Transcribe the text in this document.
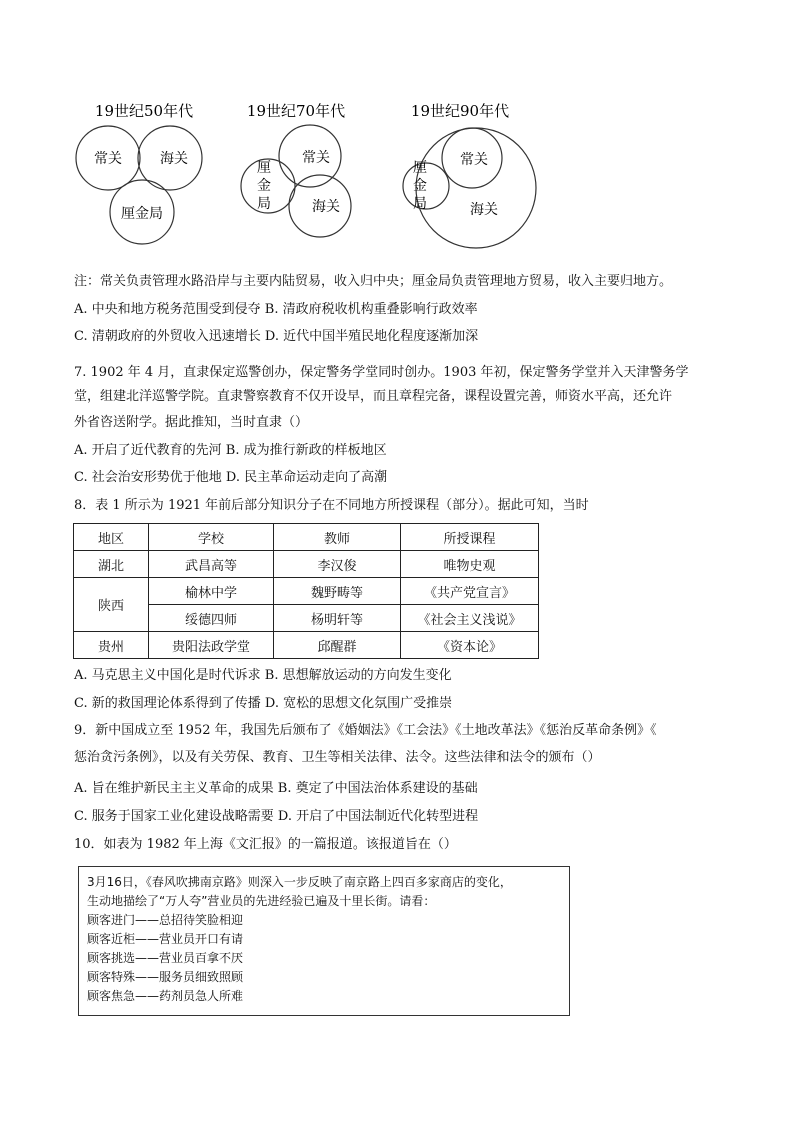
19世纪50年代
常关	海关
厘金局
19世纪70年代
常关
厘
金
局	海关
19世纪90年代
常关
厘
金
局	海关
注：常关负责管理水路沿岸与主要内陆贸易，收入归中央；厘金局负责管理地方贸易，收入主要归地方。
A. 中央和地方税务范围受到侵夺 B. 清政府税收机构重叠影响行政效率
C. 清朝政府的外贸收入迅速增长 D. 近代中国半殖民地化程度逐渐加深
7. 1902 年 4 月，直隶保定巡警创办，保定警务学堂同时创办。1903 年初，保定警务学堂并入天津警务学
堂，组建北洋巡警学院。直隶警察教育不仅开设早，而且章程完备，课程设置完善，师资水平高，还允许
外省咨送附学。据此推知，当时直隶（）
A. 开启了近代教育的先河 B. 成为推行新政的样板地区
C. 社会治安形势优于他地 D. 民主革命运动走向了高潮
8．表 1 所示为 1921 年前后部分知识分子在不同地方所授课程（部分）。据此可知，当时
地区	学校	教师	所授课程
湖北	武昌高等	李汉俊	唯物史观
陕西	榆林中学	魏野畴等	《共产党宣言》
	绥德四师	杨明轩等	《社会主义浅说》
贵州	贵阳法政学堂	邱醒群	《资本论》
A. 马克思主义中国化是时代诉求 B. 思想解放运动的方向发生变化
C. 新的救国理论体系得到了传播 D. 宽松的思想文化氛围广受推崇
9．新中国成立至 1952 年，我国先后颁布了《婚姻法》《工会法》《土地改革法》《惩治反革命条例》《
惩治贪污条例》，以及有关劳保、教育、卫生等相关法律、法令。这些法律和法令的颁布（）
A. 旨在维护新民主主义革命的成果 B. 奠定了中国法治体系建设的基础
C. 服务于国家工业化建设战略需要 D. 开启了中国法制近代化转型进程
10．如表为 1982 年上海《文汇报》的一篇报道。该报道旨在（）
3月16日，《春风吹拂南京路》则深入一步反映了南京路上四百多家商店的变化，
生动地描绘了“万人夸”营业员的先进经验已遍及十里长街。请看：
顾客进门——总招待笑脸相迎
顾客近柜——营业员开口有请
顾客挑选——营业员百拿不厌
顾客特殊——服务员细致照顾
顾客焦急——药剂员急人所难
